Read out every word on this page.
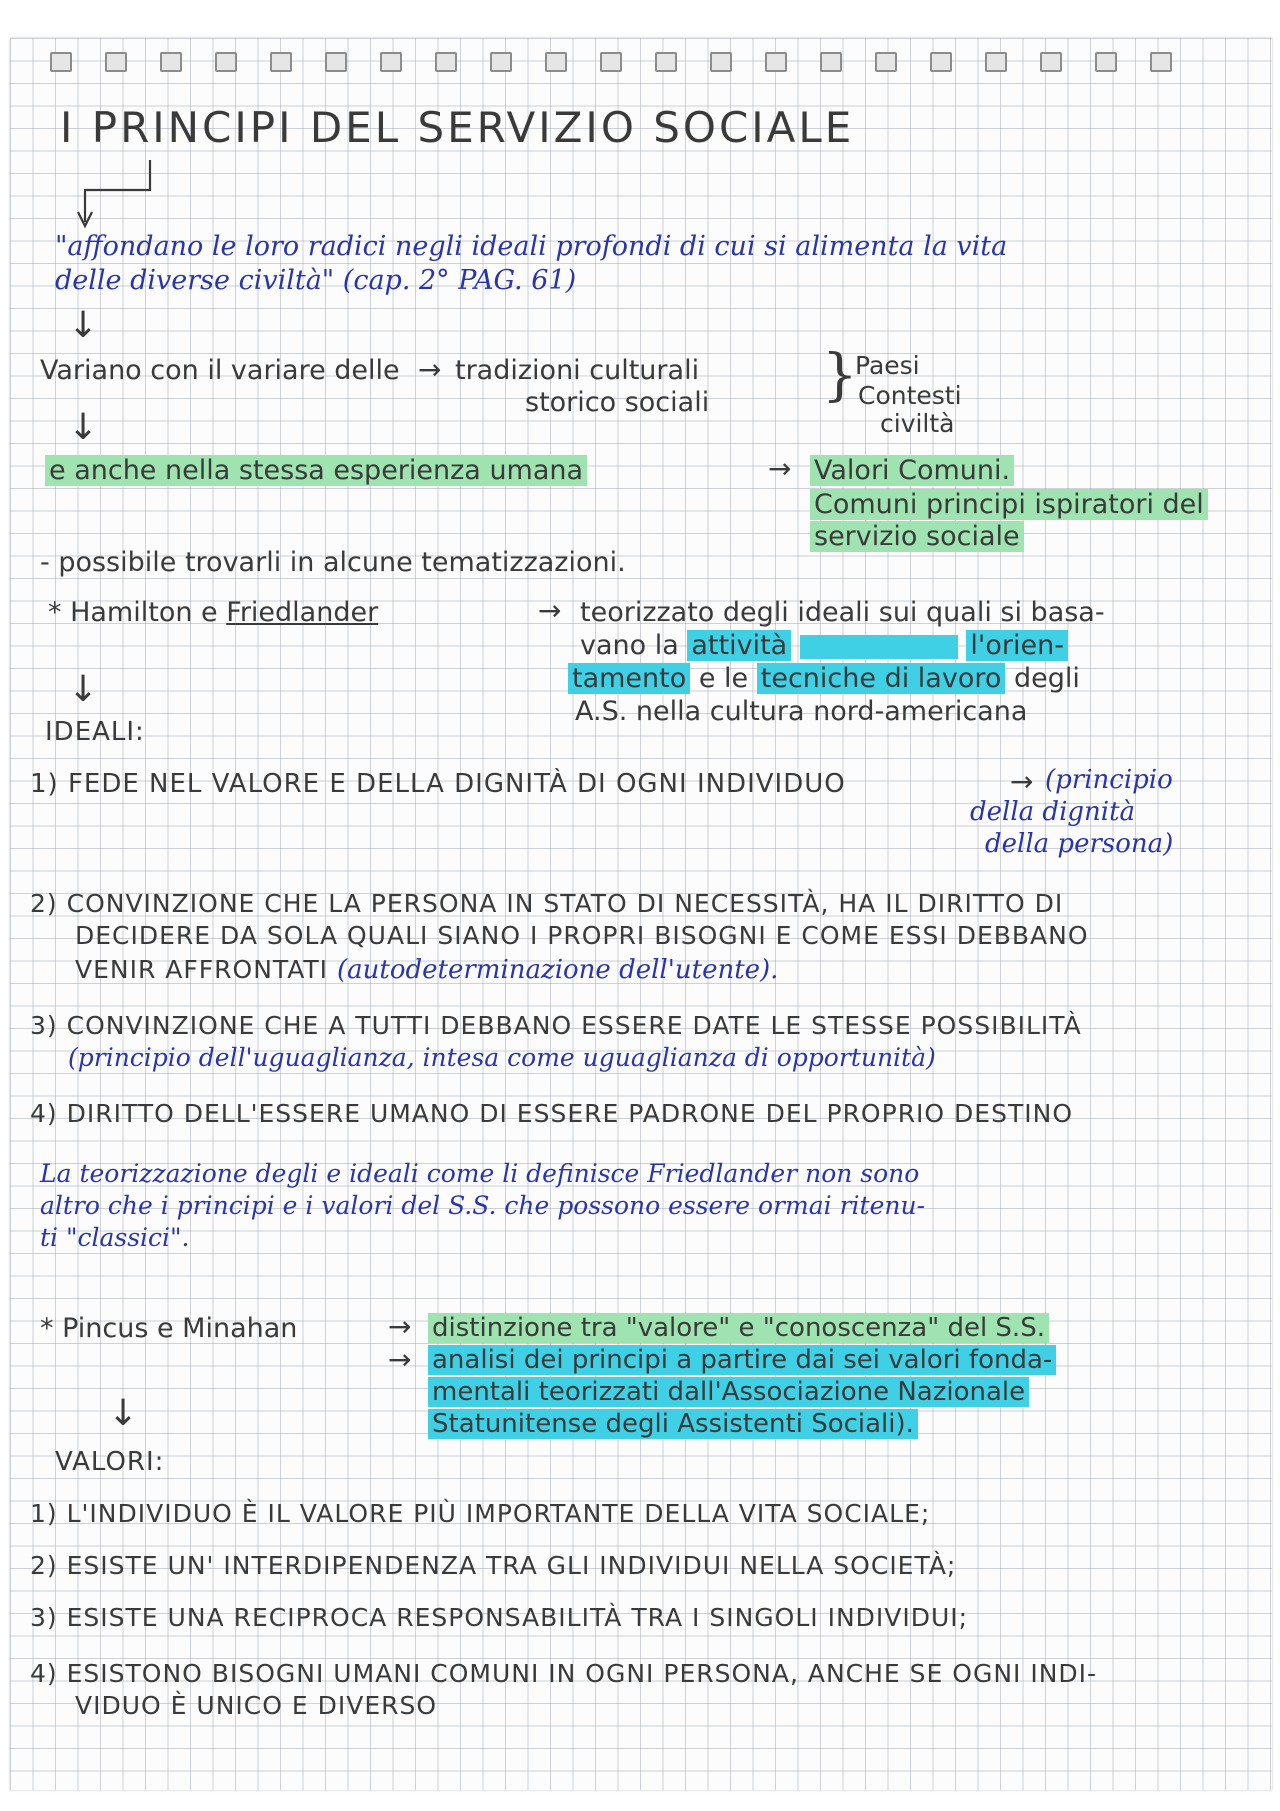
I PRINCIPI DEL SERVIZIO SOCIALE

"affondano le loro radici negli ideali profondi di cui si alimenta la vita

delle diverse civiltà" (cap. 2° PAG. 61)

↓

Variano con il variare delle → tradizioni culturali

storico sociali }

Paesi

Contesti

civiltà

↓

e anche nella stessa esperienza umana	→ Valori Comuni.

Comuni principi ispiratori del

servizio sociale

- possibile trovarli in alcune tematizzazioni.

* Hamilton e Friedlander	→ teorizzato degli ideali sui quali si basa-

vano la attività	l'orien-

tamento e le tecniche di lavoro degli

A.S. nella cultura nord-americana

↓

IDEALI:

1) FEDE NEL VALORE E DELLA DIGNITÀ DI OGNI INDIVIDUO	→ (principio

della dignità

della persona)

2) CONVINZIONE CHE LA PERSONA IN STATO DI NECESSITÀ, HA IL DIRITTO DI

DECIDERE DA SOLA QUALI SIANO I PROPRI BISOGNI E COME ESSI DEBBANO

VENIR AFFRONTATI (autodeterminazione dell'utente).

3) CONVINZIONE CHE A TUTTI DEBBANO ESSERE DATE LE STESSE POSSIBILITÀ

(principio dell'uguaglianza, intesa come uguaglianza di opportunità)

4) DIRITTO DELL'ESSERE UMANO DI ESSERE PADRONE DEL PROPRIO DESTINO

La teorizzazione degli e ideali come li definisce Friedlander non sono

altro che i principi e i valori del S.S. che possono essere ormai ritenu-

ti "classici".

* Pincus e Minahan	→ distinzione tra "valore" e "conoscenza" del S.S.

→ analisi dei principi a partire dai sei valori fonda-

mentali teorizzati dall'Associazione Nazionale

Statunitense degli Assistenti Sociali).

↓

VALORI:

1) L'INDIVIDUO È IL VALORE PIÙ IMPORTANTE DELLA VITA SOCIALE;

2) ESISTE UN' INTERDIPENDENZA TRA GLI INDIVIDUI NELLA SOCIETÀ;

3) ESISTE UNA RECIPROCA RESPONSABILITÀ TRA I SINGOLI INDIVIDUI;

4) ESISTONO BISOGNI UMANI COMUNI IN OGNI PERSONA, ANCHE SE OGNI INDI-

VIDUO È UNICO E DIVERSO
